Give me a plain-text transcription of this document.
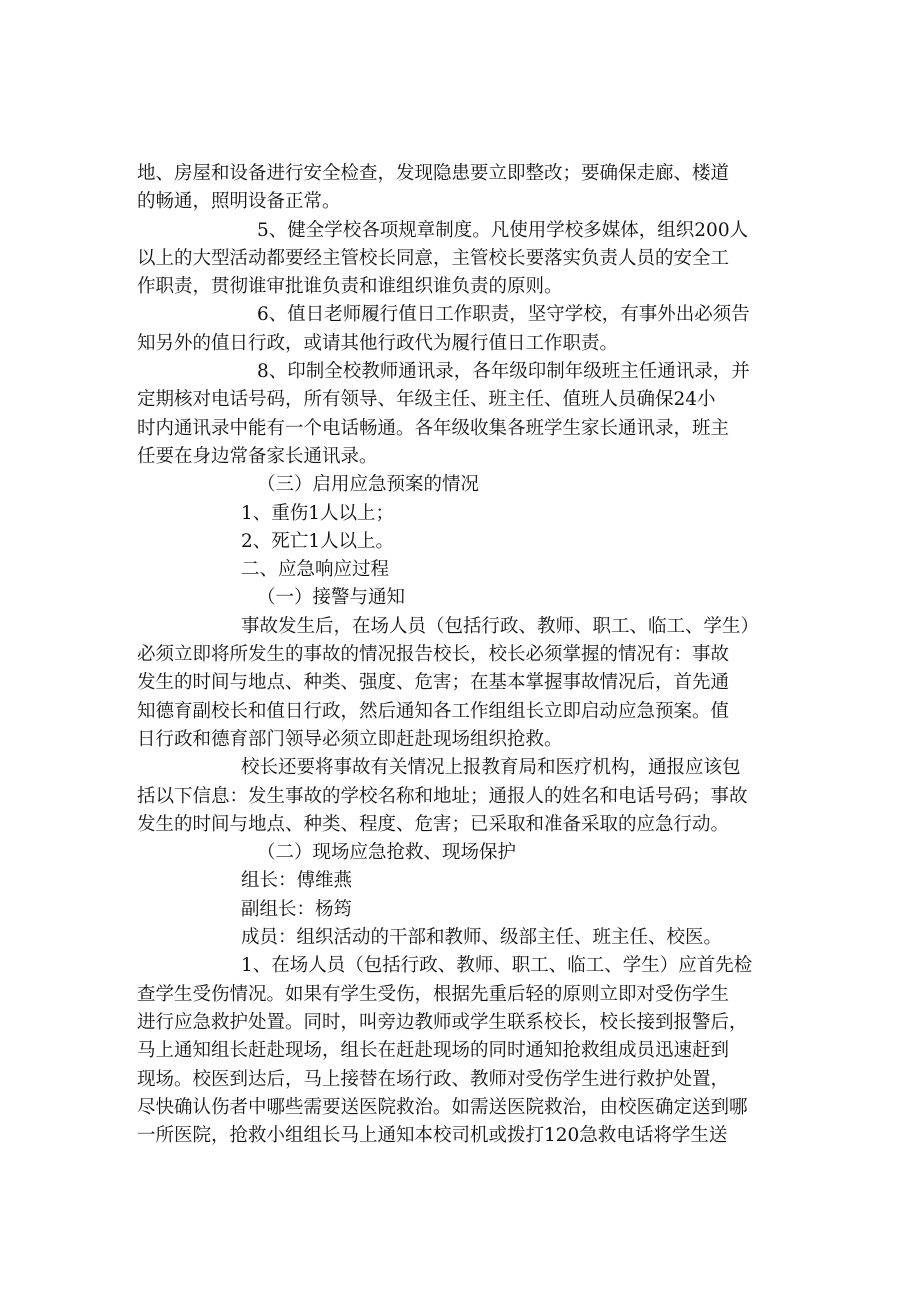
地、房屋和设备进行安全检查，发现隐患要立即整改；要确保走廊、楼道
的畅通，照明设备正常。
5、健全学校各项规章制度。凡使用学校多媒体，组织200人
以上的大型活动都要经主管校长同意，主管校长要落实负责人员的安全工
作职责，贯彻谁审批谁负责和谁组织谁负责的原则。
6、值日老师履行值日工作职责，坚守学校，有事外出必须告
知另外的值日行政，或请其他行政代为履行值日工作职责。
8、印制全校教师通讯录，各年级印制年级班主任通讯录，并
定期核对电话号码，所有领导、年级主任、班主任、值班人员确保24小
时内通讯录中能有一个电话畅通。各年级收集各班学生家长通讯录，班主
任要在身边常备家长通讯录。
（三）启用应急预案的情况
1、重伤1人以上；
2、死亡1人以上。
二、应急响应过程
（一）接警与通知
事故发生后，在场人员（包括行政、教师、职工、临工、学生）
必须立即将所发生的事故的情况报告校长，校长必须掌握的情况有：事故
发生的时间与地点、种类、强度、危害；在基本掌握事故情况后，首先通
知德育副校长和值日行政，然后通知各工作组组长立即启动应急预案。值
日行政和德育部门领导必须立即赶赴现场组织抢救。
校长还要将事故有关情况上报教育局和医疗机构，通报应该包
括以下信息：发生事故的学校名称和地址；通报人的姓名和电话号码；事故
发生的时间与地点、种类、程度、危害；已采取和准备采取的应急行动。
（二）现场应急抢救、现场保护
组长：傅维燕
副组长：杨筠
成员：组织活动的干部和教师、级部主任、班主任、校医。
1、在场人员（包括行政、教师、职工、临工、学生）应首先检
查学生受伤情况。如果有学生受伤，根据先重后轻的原则立即对受伤学生
进行应急救护处置。同时，叫旁边教师或学生联系校长，校长接到报警后，
马上通知组长赶赴现场，组长在赶赴现场的同时通知抢救组成员迅速赶到
现场。校医到达后，马上接替在场行政、教师对受伤学生进行救护处置，
尽快确认伤者中哪些需要送医院救治。如需送医院救治，由校医确定送到哪
一所医院，抢救小组组长马上通知本校司机或拨打120急救电话将学生送
